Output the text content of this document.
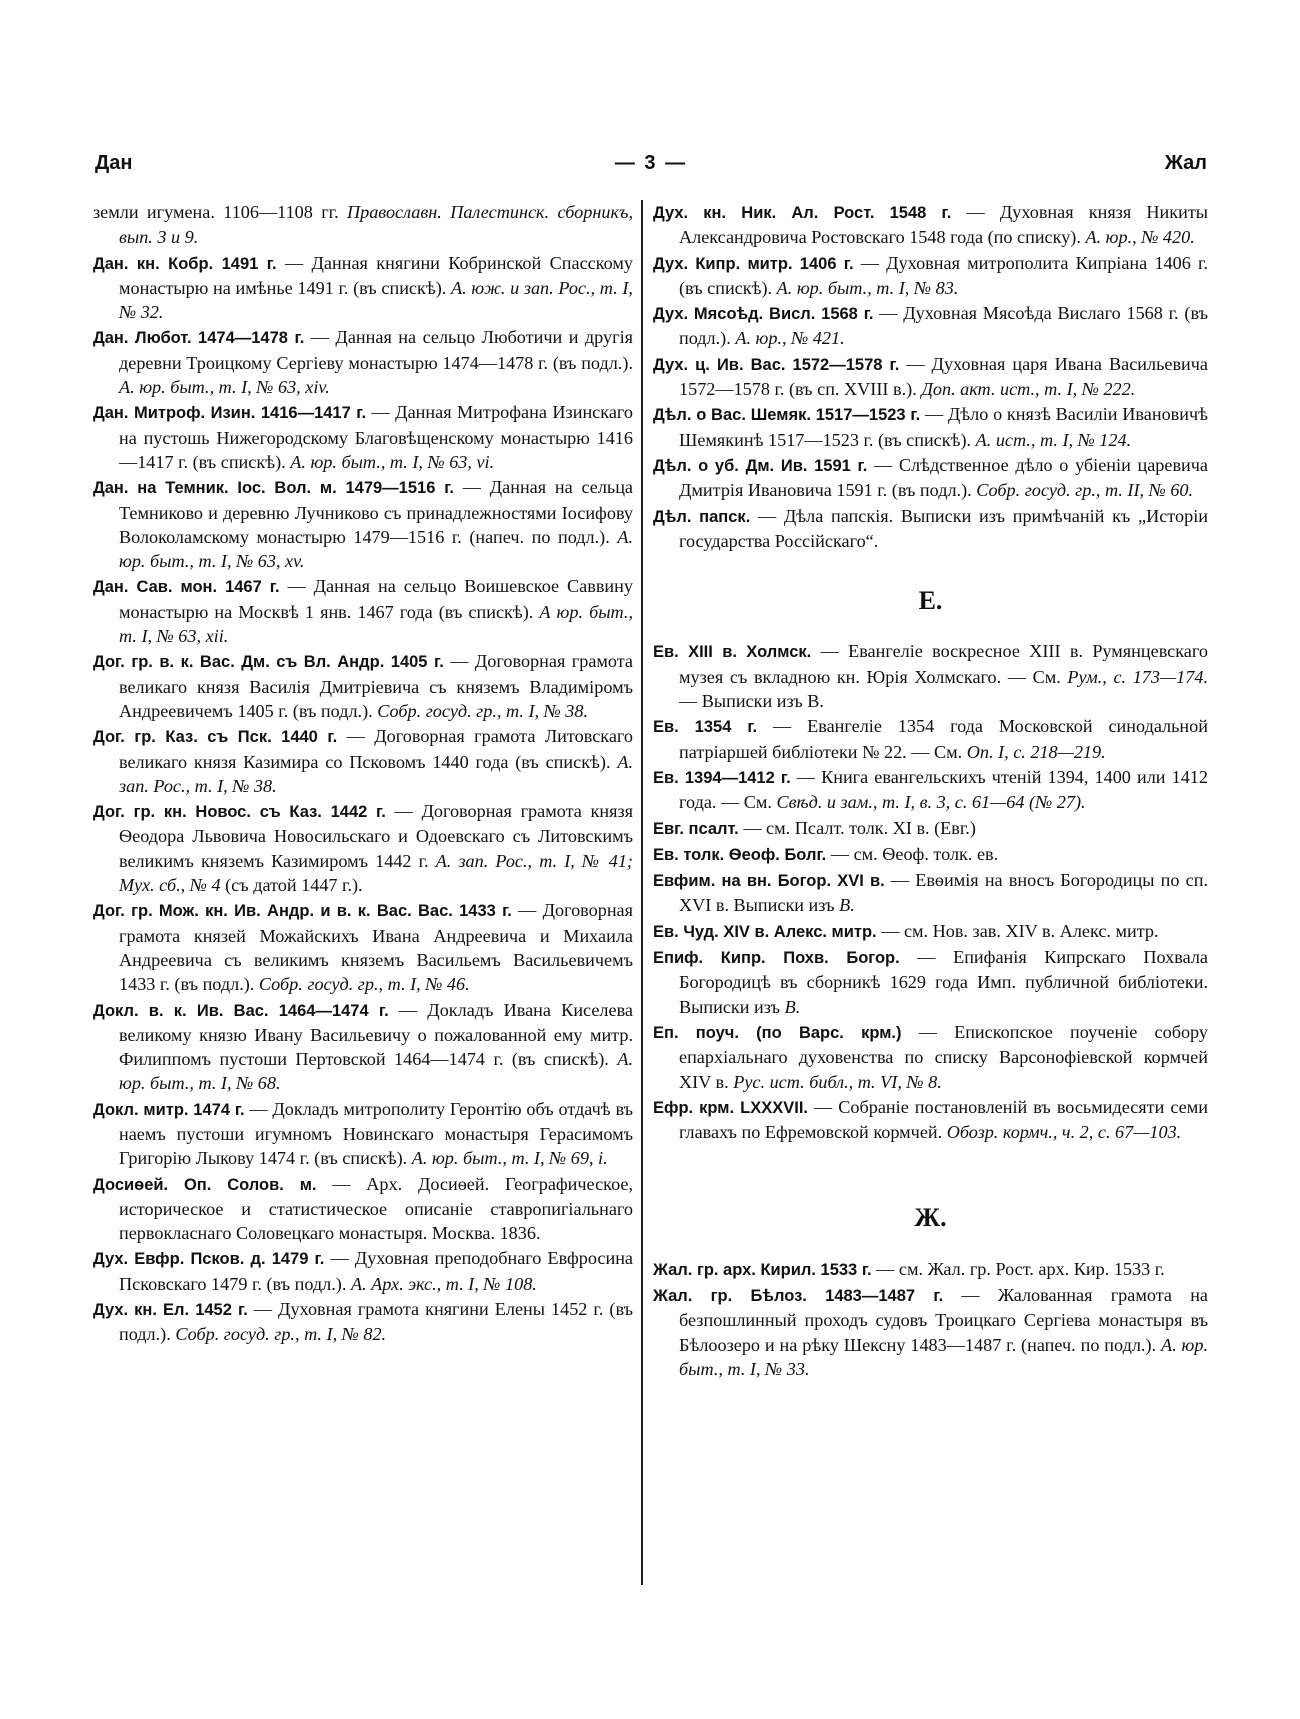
Дан	— 3 —	Жал

земли игумена. 1106—1108 гг. Православн. Палестинск. сборникъ, вып. 3 и 9.

Дан. кн. Кобр. 1491 г. — Данная княгини Кобринской Спасскому монастырю на имѣнье 1491 г. (въ спискѣ). А. юж. и зап. Рос., т. I, № 32.

Дан. Любот. 1474—1478 г. — Данная на сельцо Люботичи и другія деревни Троицкому Сергіеву монастырю 1474—1478 г. (въ подл.). А. юр. быт., т. I, № 63, xiv.

Дан. Митроф. Изин. 1416—1417 г. — Данная Митрофана Изинскаго на пустошь Нижегородскому Благовѣщенскому монастырю 1416—1417 г. (въ спискѣ). А. юр. быт., т. I, № 63, vi.

Дан. на Темник. Іос. Вол. м. 1479—1516 г. — Данная на сельца Темниково и деревню Лучниково съ принадлежностями Іосифову Волоколамскому монастырю 1479—1516 г. (напеч. по подл.). А. юр. быт., т. I, № 63, xv.

Дан. Сав. мон. 1467 г. — Данная на сельцо Воишевское Саввину монастырю на Москвѣ 1 янв. 1467 года (въ спискѣ). А юр. быт., т. I, № 63, xii.

Дог. гр. в. к. Вас. Дм. съ Вл. Андр. 1405 г. — Договорная грамота великаго князя Василія Дмитріевича съ княземъ Владиміромъ Андреевичемъ 1405 г. (въ подл.). Собр. госуд. гр., т. I, № 38.

Дог. гр. Каз. съ Пск. 1440 г. — Договорная грамота Литовскаго великаго князя Казимира со Псковомъ 1440 года (въ спискѣ). А. зап. Рос., т. I, № 38.

Дог. гр. кн. Новос. съ Каз. 1442 г. — Договорная грамота князя Ѳеодора Львовича Новосильскаго и Одоевскаго съ Литовскимъ великимъ княземъ Казимиромъ 1442 г. А. зап. Рос., т. I, № 41; Мух. сб., № 4 (съ датой 1447 г.).

Дог. гр. Мож. кн. Ив. Андр. и в. к. Вас. Вас. 1433 г. — Договорная грамота князей Можайскихъ Ивана Андреевича и Михаила Андреевича съ великимъ княземъ Васильемъ Васильевичемъ 1433 г. (въ подл.). Собр. госуд. гр., т. I, № 46.

Докл. в. к. Ив. Вас. 1464—1474 г. — Докладъ Ивана Киселева великому князю Ивану Васильевичу о пожалованной ему митр. Филиппомъ пустоши Пертовской 1464—1474 г. (въ спискѣ). А. юр. быт., т. I, № 68.

Докл. митр. 1474 г. — Докладъ митрополиту Геронтію объ отдачѣ въ наемъ пустоши игумномъ Новинскаго монастыря Герасимомъ Григорію Лыкову 1474 г. (въ спискѣ). А. юр. быт., т. I, № 69, i.

Досиѳей. Оп. Солов. м. — Арх. Досиѳей. Географическое, историческое и статистическое описаніе ставропигіальнаго первоклаcнаго Соловецкаго монастыря. Москва. 1836.

Дух. Евфр. Псков. д. 1479 г. — Духовная преподобнаго Евфросина Псковскаго 1479 г. (въ подл.). А. Арх. экс., т. I, № 108.

Дух. кн. Ел. 1452 г. — Духовная грамота княгини Елены 1452 г. (въ подл.). Собр. госуд. гр., т. I, № 82.

Дух. кн. Ник. Ал. Рост. 1548 г. — Духовная князя Никиты Александровича Ростовскаго 1548 года (по списку). А. юр., № 420.

Дух. Кипр. митр. 1406 г. — Духовная митрополита Кипріана 1406 г. (въ спискѣ). А. юр. быт., т. I, № 83.

Дух. Мясоѣд. Висл. 1568 г. — Духовная Мясоѣда Вислаго 1568 г. (въ подл.). А. юр., № 421.

Дух. ц. Ив. Вас. 1572—1578 г. — Духовная царя Ивана Васильевича 1572—1578 г. (въ сп. XVIII в.). Доп. акт. ист., т. I, № 222.

Дѣл. о Вас. Шемяк. 1517—1523 г. — Дѣло о князѣ Василіи Ивановичѣ Шемякинѣ 1517—1523 г. (въ спискѣ). А. ист., т. I, № 124.

Дѣл. о уб. Дм. Ив. 1591 г. — Слѣдственное дѣло о убіеніи царевича Дмитрія Ивановича 1591 г. (въ подл.). Собр. госуд. гр., т. II, № 60.

Дѣл. папск. — Дѣла папскія. Выписки изъ примѣчаній къ „Исторіи государства Россійскаго“.

Е.

Ев. XIII в. Холмск. — Евангеліе воскресное XIII в. Румянцевскаго музея съ вкладною кн. Юрія Холмскаго. — См. Рум., с. 173—174. — Выписки изъ В.

Ев. 1354 г. — Евангеліе 1354 года Московской синодальной патріаршей библіотеки № 22. — См. Оп. I, с. 218—219.

Ев. 1394—1412 г. — Книга евангельскихъ чтеній 1394, 1400 или 1412 года. — См. Свѣд. и зам., т. I, в. 3, с. 61—64 (№ 27).

Евг. псалт. — см. Псалт. толк. XI в. (Евг.)

Ев. толк. Ѳеоф. Болг. — см. Ѳеоф. толк. ев.

Евфим. на вн. Богор. XVI в. — Евѳимія на вносъ Богородицы по сп. XVI в. Выписки изъ В.

Ев. Чуд. XIV в. Алекс. митр. — см. Нов. зав. XIV в. Алекс. митр.

Епиф. Кипр. Похв. Богор. — Епифанія Кипрскаго Похвала Богородицѣ въ сборникѣ 1629 года Имп. публичной библіотеки. Выписки изъ В.

Еп. поуч. (по Варс. крм.) — Епископское поученіе собору епархіальнаго духовенства по списку Варсонофіевской кормчей XIV в. Рус. ист. библ., т. VI, № 8.

Ефр. крм. LXXXVII. — Собраніе постановленій въ восьмидесяти семи главахъ по Ефремовской кормчей. Обозр. кормч., ч. 2, с. 67—103.

Ж.

Жал. гр. арх. Кирил. 1533 г. — см. Жал. гр. Рост. арх. Кир. 1533 г.

Жал. гр. Бѣлоз. 1483—1487 г. — Жалованная грамота на безпошлинный проходъ судовъ Троицкаго Сергіева монастыря въ Бѣлоозеро и на рѣку Шексну 1483—1487 г. (напеч. по подл.). А. юр. быт., т. I, № 33.
